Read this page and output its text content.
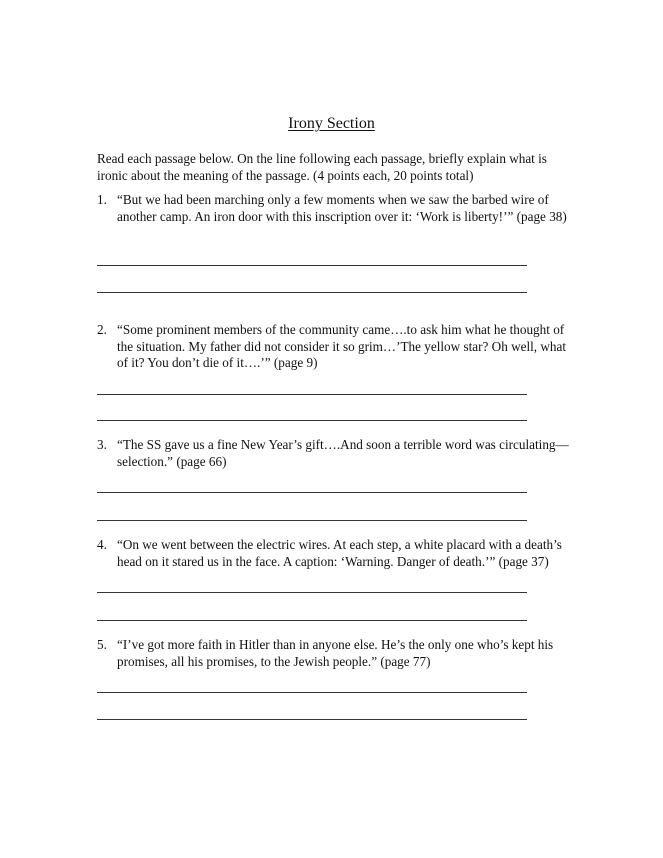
Irony Section
Read each passage below. On the line following each passage, briefly explain what is ironic about the meaning of the passage. (4 points each, 20 points total)
1. “But we had been marching only a few moments when we saw the barbed wire of another camp. An iron door with this inscription over it: ‘Work is liberty!’” (page 38)
2. “Some prominent members of the community came….to ask him what he thought of the situation. My father did not consider it so grim…’The yellow star? Oh well, what of it? You don’t die of it….’” (page 9)
3. “The SS gave us a fine New Year’s gift….And soon a terrible word was circulating—selection.” (page 66)
4. “On we went between the electric wires. At each step, a white placard with a death’s head on it stared us in the face. A caption: ‘Warning. Danger of death.’” (page 37)
5. “I’ve got more faith in Hitler than in anyone else. He’s the only one who’s kept his promises, all his promises, to the Jewish people.” (page 77)
